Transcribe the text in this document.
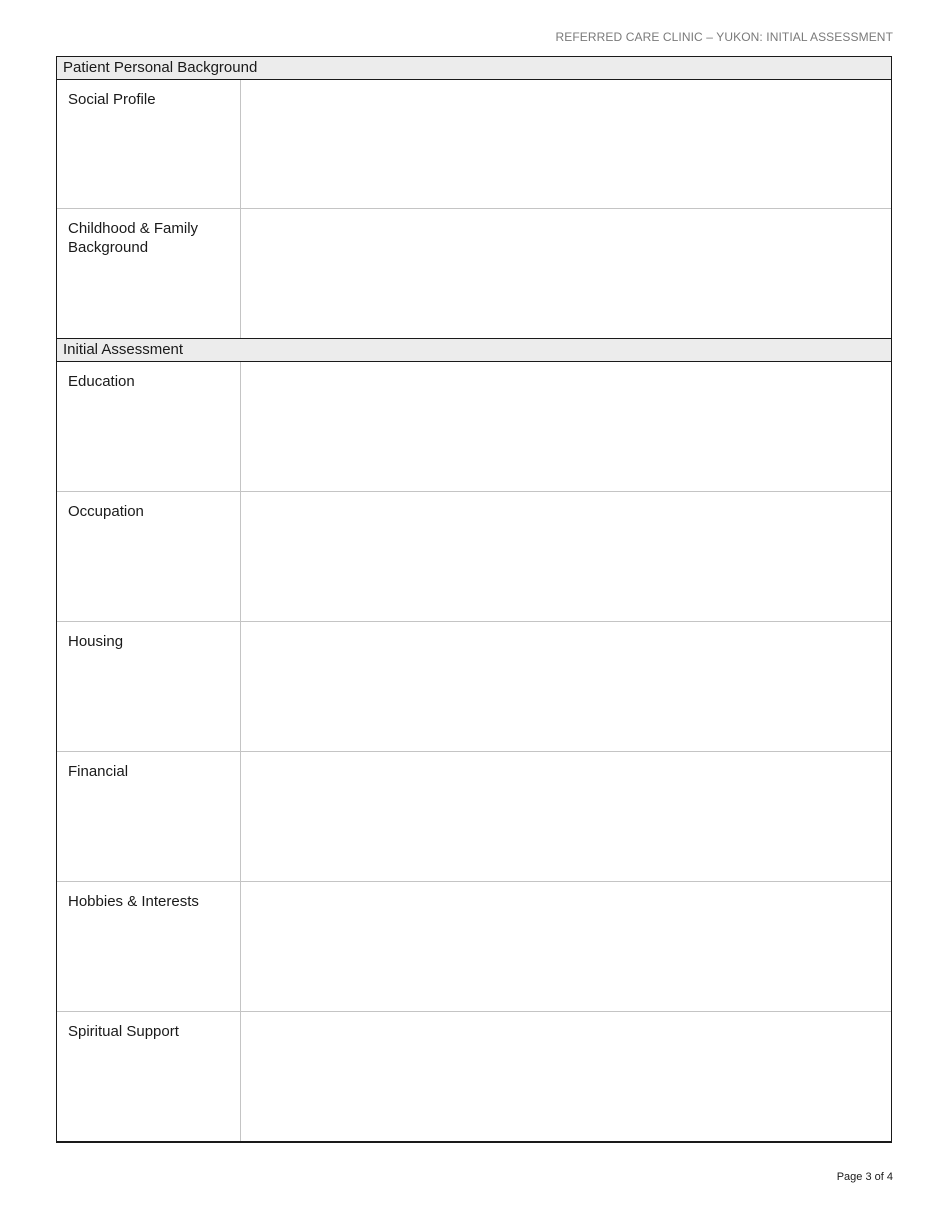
REFERRED CARE CLINIC – YUKON: INITIAL ASSESSMENT
Patient Personal Background
Social Profile
Childhood & Family Background
Initial Assessment
Education
Occupation
Housing
Financial
Hobbies & Interests
Spiritual Support
Page 3 of 4
